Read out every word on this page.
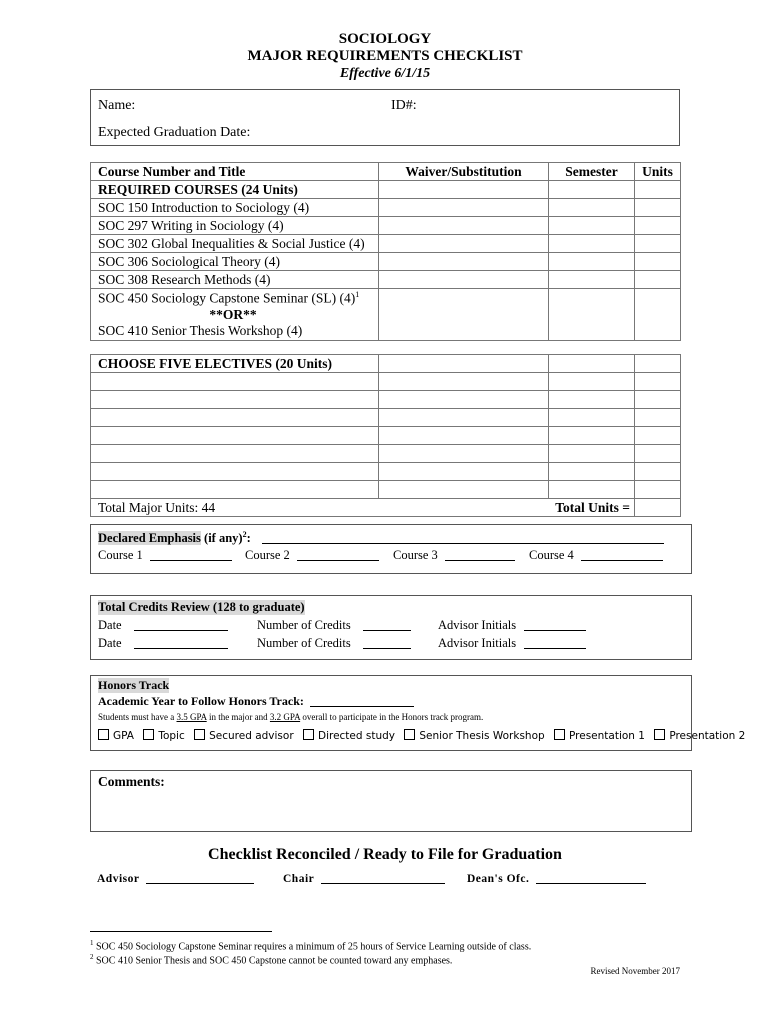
SOCIOLOGY
MAJOR REQUIREMENTS CHECKLIST
Effective 6/1/15
Name:	ID#:
Expected Graduation Date:
Course Number and Title	Waiver/Substitution	Semester	Units
REQUIRED COURSES (24 Units)			
SOC 150 Introduction to Sociology (4)			
SOC 297 Writing in Sociology (4)			
SOC 302 Global Inequalities & Social Justice (4)			
SOC 306 Sociological Theory (4)			
SOC 308 Research Methods (4)			

SOC 450 Sociology Capstone Seminar (SL) $(4)^1$
**OR**
SOC 410 Senior Thesis Workshop (4)			

CHOOSE FIVE ELECTIVES (20 Units)			

Total Major Units: 44	Total Units =		
Declared Emphasis (if any)$^2$:
Course 1	Course 2	Course 3	Course 4
Total Credits Review (128 to graduate)
Date	Number of Credits	Advisor Initials
Date	Number of Credits	Advisor Initials
Honors Track
Academic Year to Follow Honors Track:
Students must have a 3.5 GPA in the major and 3.2 GPA overall to participate in the Honors track program.
GPA Topic Secured advisor Directed study Senior Thesis Workshop Presentation 1 Presentation 2
Comments:
Checklist Reconciled / Ready to File for Graduation
Advisor	Chair	Dean's Ofc.
$^1$ SOC 450 Sociology Capstone Seminar requires a minimum of 25 hours of Service Learning outside of class.
$^2$ SOC 410 Senior Thesis and SOC 450 Capstone cannot be counted toward any emphases.
Revised November 2017
